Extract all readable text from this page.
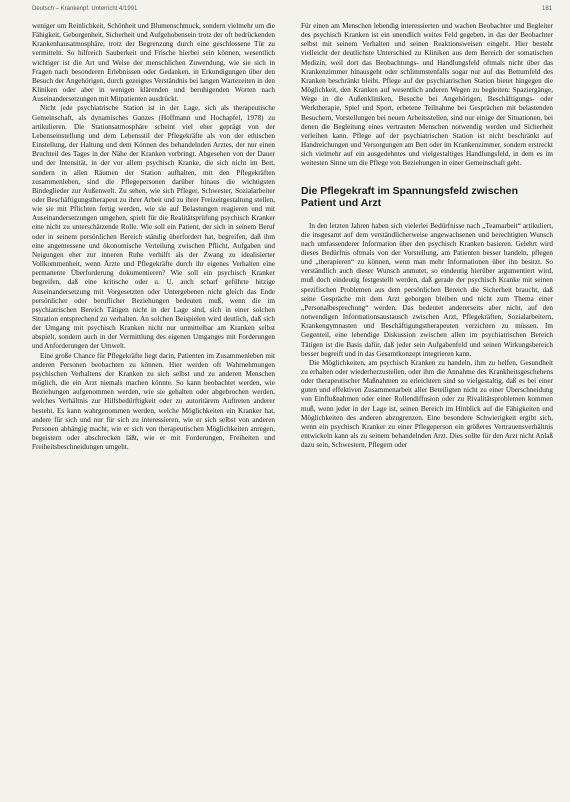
Deutsch – Krankenpf. Unterricht 4/1991	181

weniger um Reinlichkeit, Schönheit und Blumenschmuck, sondern vielmehr um die Fähigkeit, Geborgenheit, Sicherheit und Aufgehobensein trotz der oft bedrückenden Krankenhausatmosphäre, trotz der Begrenzung durch eine geschlossene Tür zu vermitteln. So hilfreich Sauberkeit und Frische hierbei sein können, wesentlich wichtiger ist die Art und Weise der menschlichen Zuwendung, wie sie sich in Fragen nach besonderen Erlebnissen oder Gedanken, in Erkundigungen über den Besuch der Angehörigen, durch gezeigtes Verständnis bei langen Wartezeiten in den Kliniken oder aber in wenigen klärenden und beruhigenden Worten nach Auseinandersetzungen mit Mitpatienten ausdrückt.

Nicht jede psychiatrische Station ist in der Lage, sich als therapeutische Gemeinschaft, als dynamisches Ganzes (Hoffmann und Hochapfel, 1978) zu artikulieren. Die Stationsatmosphäre scheint viel eher geprägt von der Lebenseinstellung und dem Lebensstil der Pflegekräfte als von der ethischen Einstellung, der Haltung und dem Können des behandelnden Arztes, der nur einen Bruchteil des Tages in der Nähe der Kranken verbringt. Abgesehen von der Dauer und der Intensität, in der vor allem psychisch Kranke, die sich nicht im Bett, sondern in allen Räumen der Station aufhalten, mit den Pflegekräften zusammenleben, sind die Pflegepersonen darüber hinaus die wichtigsten Bindeglieder zur Außenwelt. Zu sehen, wie sich Pfleger, Schwester, Sozialarbeiter oder Beschäftigungstherapeut zu ihrer Arbeit und zu ihrer Freizeitgestaltung stellen, wie sie mit Pflichten fertig werden, wie sie auf Belastungen reagieren und mit Auseinandersetzungen umgehen, spielt für die Realitätsprüfung psychisch Kranker eine nicht zu unterschätzende Rolle. Wie soll ein Patient, der sich in seinem Beruf oder in seinem persönlichen Bereich ständig überfordert hat, begreifen, daß ihm eine angemessene und ökonomische Verteilung zwischen Pflicht, Aufgaben und Neigungen eher zur inneren Ruhe verhilft als der Zwang zu idealisierter Vollkommenheit, wenn Ärzte und Pflegekräfte durch ihr eigenes Verhalten eine permanente Überforderung dokumentieren? Wie soll ein psychisch Kranker begreifen, daß eine kritische oder u. U. auch scharf geführte hitzige Auseinandersetzung mit Vorgesetzten oder Untergebenen nicht gleich das Ende persönlicher oder beruflicher Beziehungen bedeuten muß, wenn die im psychiatrischen Bereich Tätigen nicht in der Lage sind, sich in einer solchen Situation entsprechend zu verhalten. An solchen Beispielen wird deutlich, daß sich der Umgang mit psychisch Kranken nicht nur unmittelbar am Kranken selbst abspielt, sondern auch in der Vermittlung des eigenen Umganges mit Forderungen und Anforderungen der Umwelt.

Eine große Chance für Pflegekräfte liegt darin, Patienten im Zusammenleben mit anderen Personen beobachten zu können. Hier werden oft Wahrnehmungen psychischen Verhaltens der Kranken zu sich selbst und zu anderen Menschen möglich, die ein Arzt niemals machen könnte. So kann beobachtet werden, wie Beziehungen aufgenommen werden, wie sie gehalten oder abgebrochen werden, welches Verhältnis zur Hilfsbedürftigkeit oder zu autoritärem Auftreten anderer besteht. Es kann wahrgenommen werden, welche Möglichkeiten ein Kranker hat, andere für sich und nur für sich zu interessieren, wie er sich selbst von anderen Personen abhängig macht, wie er sich von therapeutischen Möglichkeiten anregen, begeistern oder abschrecken läßt, wie er mit Forderungen, Freiheiten und Freiheitsbeschneidungen umgeht.

Für einen am Menschen lebendig interessierten und wachen Beobachter und Begleiter des psychisch Kranken ist ein unendlich weites Feld gegeben, in das der Beobachter selbst mit seinem Verhalten und seinen Reaktionsweisen eingeht. Hier besteht vielleicht der deutlichste Unterschied zu Kliniken aus dem Bereich der somatischen Medizin, weil dort das Beobachtungs- und Handlungsfeld oftmals nicht über das Krankenzimmer hinausgeht oder schlimmstenfalls sogar nur auf das Bettumfeld des Kranken beschränkt bleibt. Pflege auf der psychiatrischen Station bietet hingegen die Möglichkeit, den Kranken auf wesentlich anderen Wegen zu begleiten: Spaziergänge, Wege in die Außenkliniken, Besuche bei Angehörigen, Beschäftigungs- oder Werktherapie, Spiel und Sport, erbetene Teilnahme bei Gesprächen mit belastenden Besuchern, Vorstellungen bei neuen Arbeitsstellen, sind nur einige der Situationen, bei denen die Begleitung eines vertrauten Menschen notwendig werden und Sicherheit verleihen kann. Pflege auf der psychiatrischen Station ist nicht beschränkt auf Handreichungen und Versorgungen am Bett oder im Krankenzimmer, sondern erstreckt sich vielmehr auf ein ausgedehntes und vielgestaltiges Handlungsfeld, in dem es im weitesten Sinne um die Pflege von Beziehungen in einer Gemeinschaft geht.

Die Pflegekraft im Spannungsfeld zwischen Patient und Arzt

In den letzten Jahren haben sich vielerlei Bedürfnisse nach „Teamarbeit“ artikuliert, die insgesamt auf dem verständlicherweise angewachsenen und berechtigten Wunsch nach umfassenderer Information über den psychisch Kranken basieren. Gelehrt wird dieses Bedürfnis oftmals von der Vorstellung, am Patienten besser handeln, pflegen und „therapieren“ zu können, wenn man mehr Informationen über ihn besitzt. So verständlich auch dieser Wunsch anmutet, so eindeutig hierüber argumentiert wird, muß doch eindeutig festgestellt werden, daß gerade der psychisch Kranke mit seinen spezifischen Problemen aus dem persönlichen Bereich die Sicherheit braucht, daß seine Gespräche mit dem Arzt geborgen bleiben und nicht zum Thema einer „Personalbesprechung“ werden. Das bedeutet andererseits aber nicht, auf den notwendigen Informationsaustausch zwischen Arzt, Pflegekräften, Sozialarbeitern, Krankengymnasten und Beschäftigungstherapeuten verzichten zu müssen. Im Gegenteil, eine lebendige Diskussion zwischen allen im psychiatrischen Bereich Tätigen ist die Basis dafür, daß jeder sein Aufgabenfeld und seinen Wirkungsbereich besser begreift und in das Gesamtkonzept integrieren kann.

Die Möglichkeiten, am psychisch Kranken zu handeln, ihm zu helfen, Gesundheit zu erhalten oder wiederherzustellen, oder ihm die Annahme des Krankheitsgeschehens oder therapeutischer Maßnahmen zu erleichtern sind so vielgestaltig, daß es bei einer guten und effektiven Zusammenarbeit aller Beteiligten nicht zu einer Überschneidung von Einflußnahmen oder einer Rollendiffusion oder zu Rivalitätsproblemen kommen muß, wenn jeder in der Lage ist, seinen Bereich im Hinblick auf die Fähigkeiten und Möglichkeiten des anderen abzugrenzen. Eine besondere Schwierigkeit ergibt sich, wenn ein psychisch Kranker zu einer Pflegeperson ein größeres Vertrauensverhältnis entwickeln kann als zu seinem behandelnden Arzt. Dies sollte für den Arzt nicht Anlaß dazu sein, Schwestern, Pflegern oder
